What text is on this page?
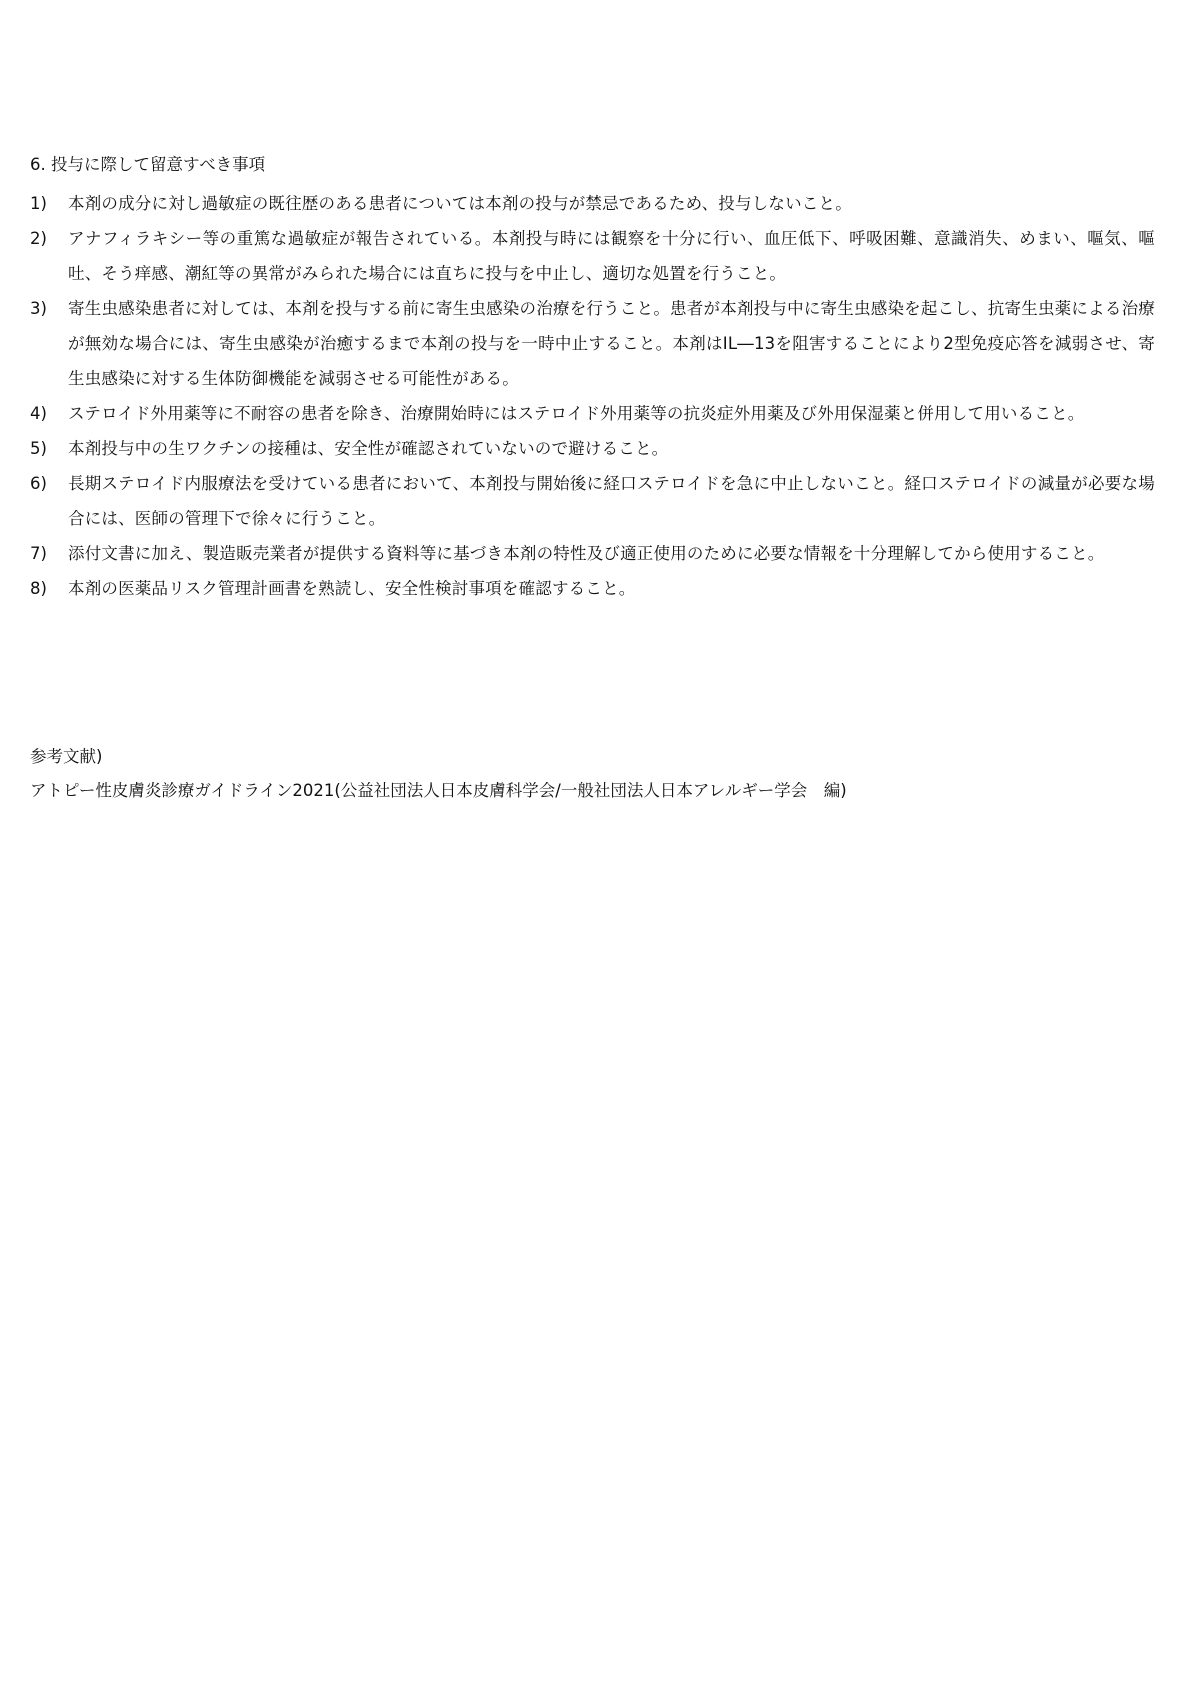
6. 投与に際して留意すべき事項
1)	本剤の成分に対し過敏症の既往歴のある患者については本剤の投与が禁忌であるため、投与しないこと。
2)	アナフィラキシー等の重篤な過敏症が報告されている。本剤投与時には観察を十分に行い、血圧低下、呼吸困難、意識消失、めまい、嘔気、嘔吐、そう痒感、潮紅等の異常がみられた場合には直ちに投与を中止し、適切な処置を行うこと。
3)	寄生虫感染患者に対しては、本剤を投与する前に寄生虫感染の治療を行うこと。患者が本剤投与中に寄生虫感染を起こし、抗寄生虫薬による治療が無効な場合には、寄生虫感染が治癒するまで本剤の投与を一時中止すること。本剤はIL―13を阻害することにより2型免疫応答を減弱させ、寄生虫感染に対する生体防御機能を減弱させる可能性がある。
4)	ステロイド外用薬等に不耐容の患者を除き、治療開始時にはステロイド外用薬等の抗炎症外用薬及び外用保湿薬と併用して用いること。
5)	本剤投与中の生ワクチンの接種は、安全性が確認されていないので避けること。
6)	長期ステロイド内服療法を受けている患者において、本剤投与開始後に経口ステロイドを急に中止しないこと。経口ステロイドの減量が必要な場合には、医師の管理下で徐々に行うこと。
7)	添付文書に加え、製造販売業者が提供する資料等に基づき本剤の特性及び適正使用のために必要な情報を十分理解してから使用すること。
8)	本剤の医薬品リスク管理計画書を熟読し、安全性検討事項を確認すること。
参考文献)
アトピー性皮膚炎診療ガイドライン2021(公益社団法人日本皮膚科学会/一般社団法人日本アレルギー学会　編)
